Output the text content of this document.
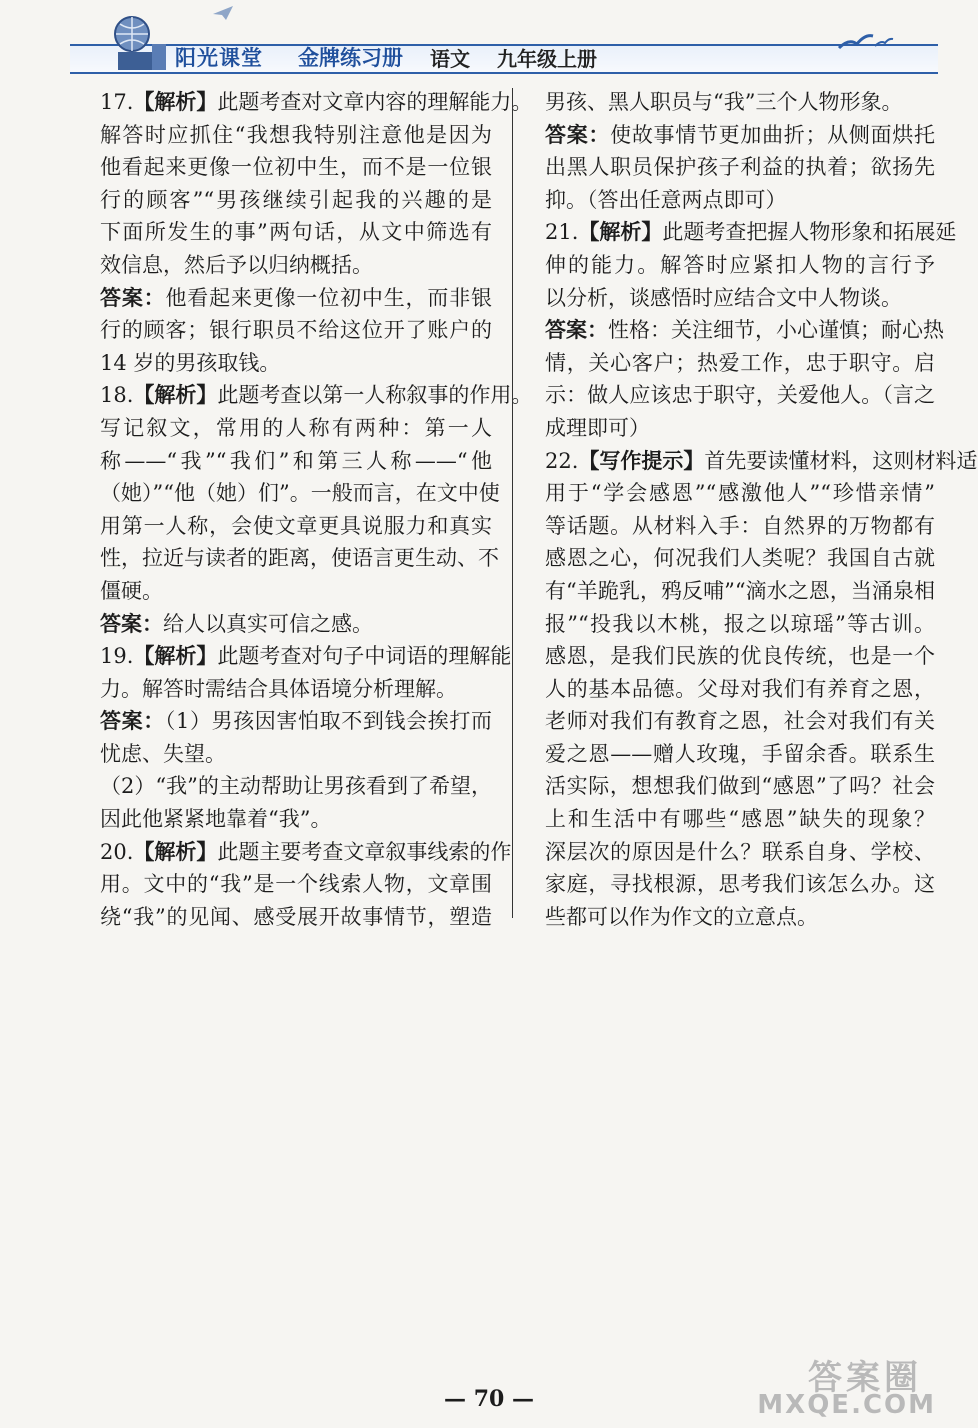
阳光课堂 金牌练习册 语文 九年级上册
17.【解析】此题考查对文章内容的理解能力。
解答时应抓住“我想我特别注意他是因为
他看起来更像一位初中生，而不是一位银
行的顾客”“男孩继续引起我的兴趣的是
下面所发生的事”两句话，从文中筛选有
效信息，然后予以归纳概括。
答案：他看起来更像一位初中生，而非银
行的顾客；银行职员不给这位开了账户的
14 岁的男孩取钱。
18.【解析】此题考查以第一人称叙事的作用。
写记叙文，常用的人称有两种：第一人
称——“我”“我们”和第三人称——“他
（她）”“他（她）们”。一般而言，在文中使
用第一人称，会使文章更具说服力和真实
性，拉近与读者的距离，使语言更生动、不
僵硬。
答案：给人以真实可信之感。
19.【解析】此题考查对句子中词语的理解能
力。解答时需结合具体语境分析理解。
答案：（1）男孩因害怕取不到钱会挨打而
忧虑、失望。
（2）“我”的主动帮助让男孩看到了希望，
因此他紧紧地靠着“我”。
20.【解析】此题主要考查文章叙事线索的作
用。文中的“我”是一个线索人物，文章围
绕“我”的见闻、感受展开故事情节，塑造
男孩、黑人职员与“我”三个人物形象。
答案：使故事情节更加曲折；从侧面烘托
出黑人职员保护孩子利益的执着；欲扬先
抑。（答出任意两点即可）
21.【解析】此题考查把握人物形象和拓展延
伸的能力。解答时应紧扣人物的言行予
以分析，谈感悟时应结合文中人物谈。
答案：性格：关注细节，小心谨慎；耐心热
情，关心客户；热爱工作，忠于职守。启
示：做人应该忠于职守，关爱他人。（言之
成理即可）
22.【写作提示】首先要读懂材料，这则材料适
用于“学会感恩”“感激他人”“珍惜亲情”
等话题。从材料入手：自然界的万物都有
感恩之心，何况我们人类呢？我国自古就
有“羊跪乳，鸦反哺”“滴水之恩，当涌泉相
报”“投我以木桃，报之以琼瑶”等古训。
感恩，是我们民族的优良传统，也是一个
人的基本品德。父母对我们有养育之恩，
老师对我们有教育之恩，社会对我们有关
爱之恩——赠人玫瑰，手留余香。联系生
活实际，想想我们做到“感恩”了吗？社会
上和生活中有哪些“感恩”缺失的现象？
深层次的原因是什么？联系自身、学校、
家庭，寻找根源，思考我们该怎么办。这
些都可以作为作文的立意点。
— 70 —
答案圈
MXQE.COM
